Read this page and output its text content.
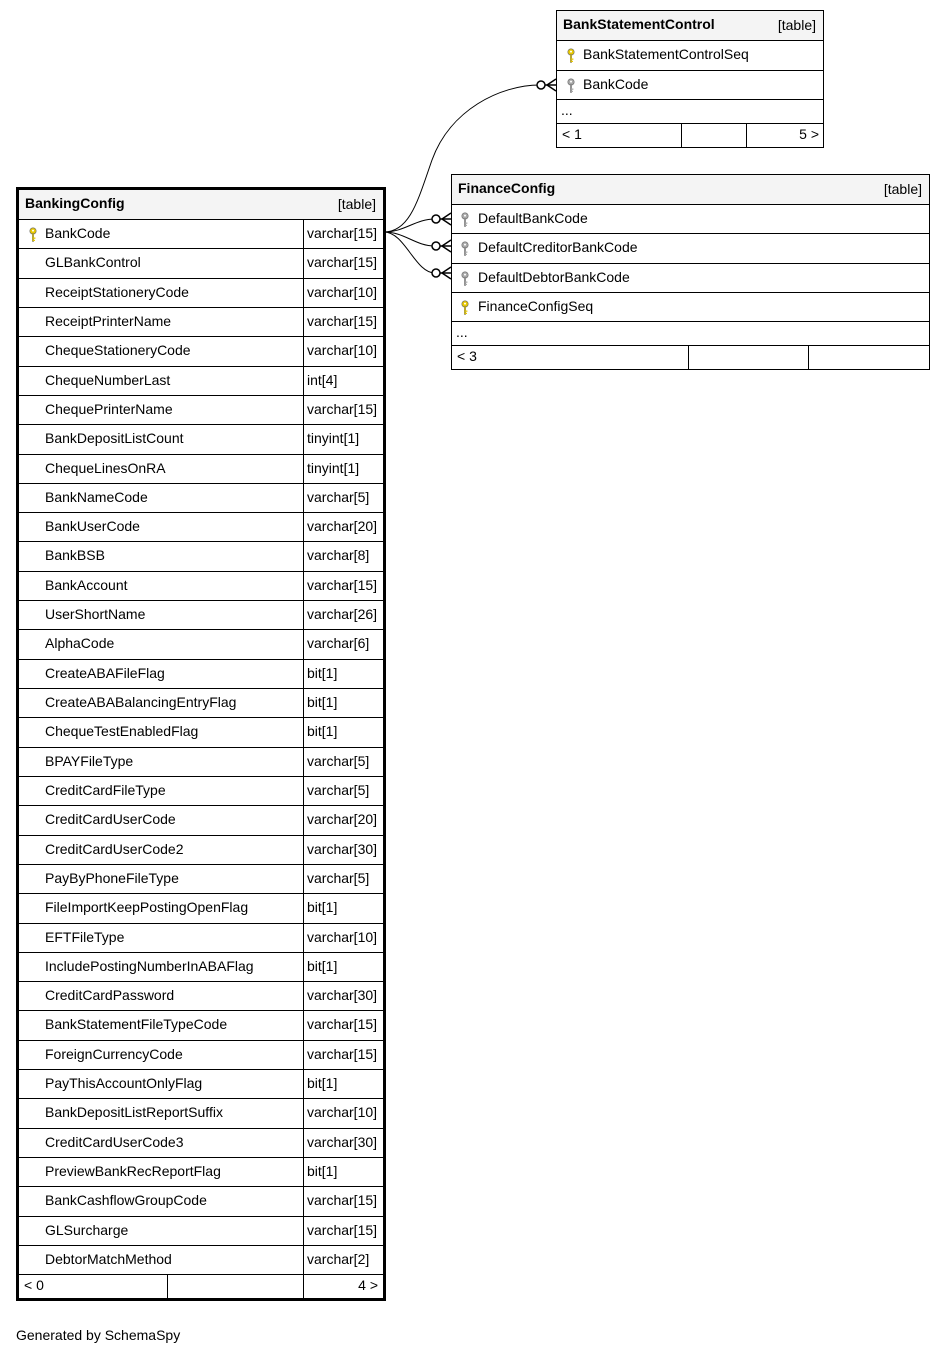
BankStatementControl	[table]
BankStatementControlSeq
BankCode
...
< 1	5 >
FinanceConfig	[table]
DefaultBankCode
DefaultCreditorBankCode
DefaultDebtorBankCode
FinanceConfigSeq
...
< 3
BankingConfig	[table]
BankCode	varchar[15]
GLBankControl	varchar[15]
ReceiptStationeryCode	varchar[10]
ReceiptPrinterName	varchar[15]
ChequeStationeryCode	varchar[10]
ChequeNumberLast	int[4]
ChequePrinterName	varchar[15]
BankDepositListCount	tinyint[1]
ChequeLinesOnRA	tinyint[1]
BankNameCode	varchar[5]
BankUserCode	varchar[20]
BankBSB	varchar[8]
BankAccount	varchar[15]
UserShortName	varchar[26]
AlphaCode	varchar[6]
CreateABAFileFlag	bit[1]
CreateABABalancingEntryFlag	bit[1]
ChequeTestEnabledFlag	bit[1]
BPAYFileType	varchar[5]
CreditCardFileType	varchar[5]
CreditCardUserCode	varchar[20]
CreditCardUserCode2	varchar[30]
PayByPhoneFileType	varchar[5]
FileImportKeepPostingOpenFlag	bit[1]
EFTFileType	varchar[10]
IncludePostingNumberInABAFlag	bit[1]
CreditCardPassword	varchar[30]
BankStatementFileTypeCode	varchar[15]
ForeignCurrencyCode	varchar[15]
PayThisAccountOnlyFlag	bit[1]
BankDepositListReportSuffix	varchar[10]
CreditCardUserCode3	varchar[30]
PreviewBankRecReportFlag	bit[1]
BankCashflowGroupCode	varchar[15]
GLSurcharge	varchar[15]
DebtorMatchMethod	varchar[2]
< 0	4 >
Generated by SchemaSpy
